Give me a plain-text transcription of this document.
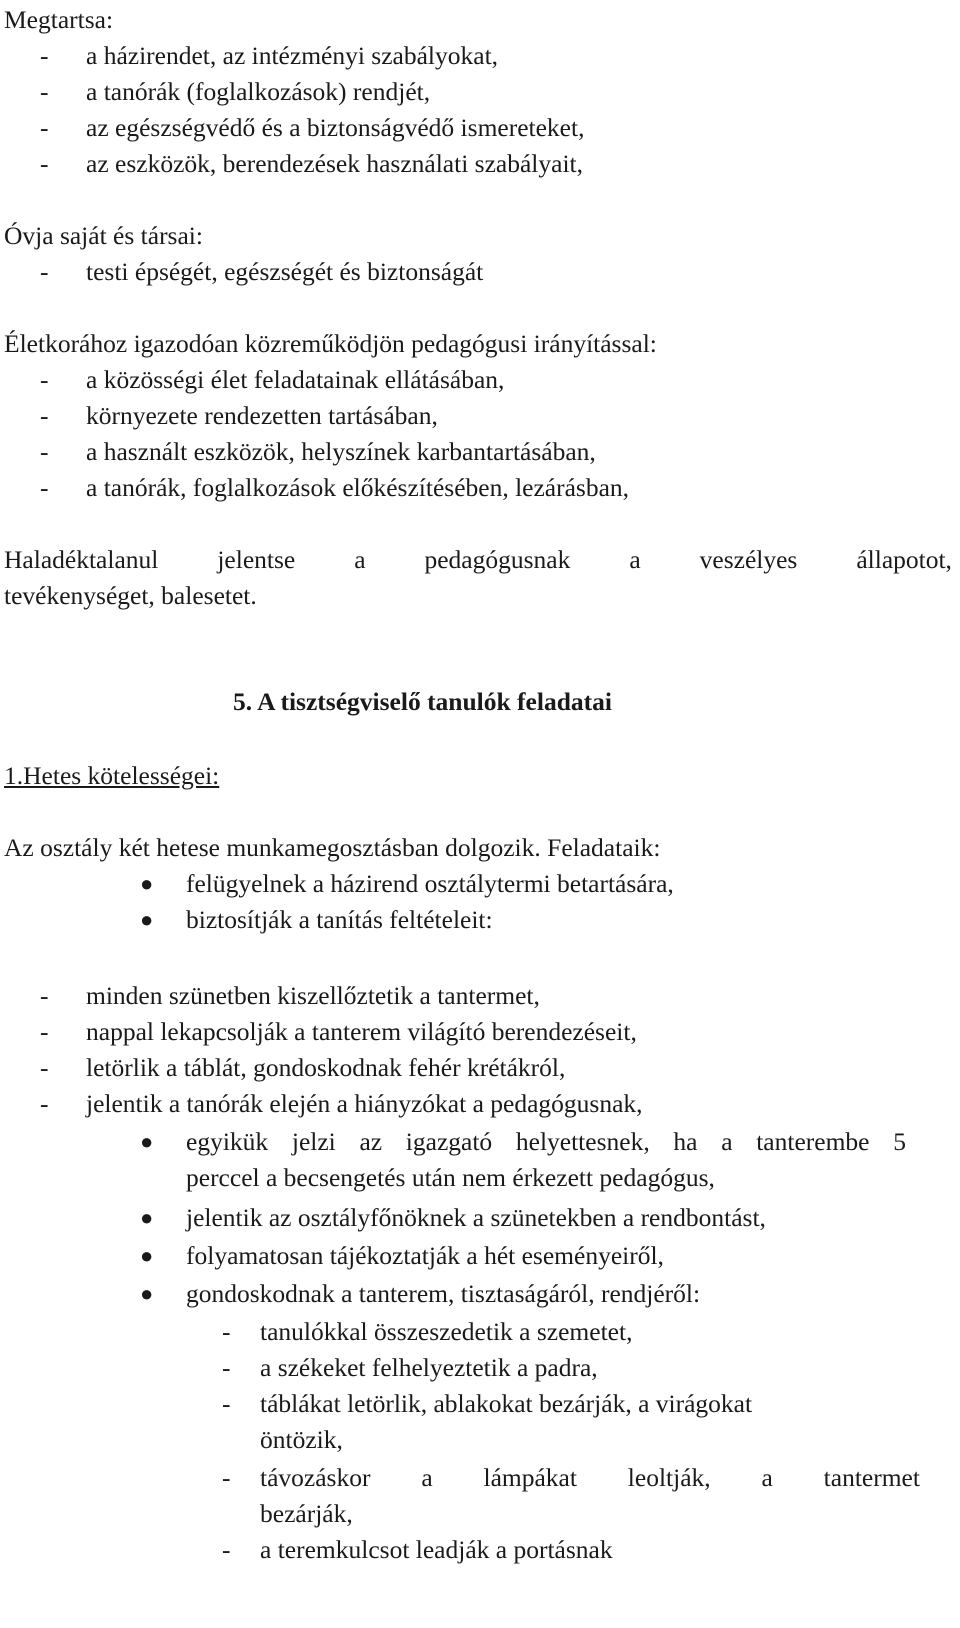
Megtartsa:
- a házirendet, az intézményi szabályokat,
- a tanórák (foglalkozások) rendjét,
- az egészségvédő és a biztonságvédő ismereteket,
- az eszközök, berendezések használati szabályait,
Óvja saját és társai:
- testi épségét, egészségét és biztonságát
Életkorához igazodóan közreműködjön pedagógusi irányítással:
- a közösségi élet feladatainak ellátásában,
- környezete rendezetten tartásában,
- a használt eszközök, helyszínek karbantartásában,
- a tanórák, foglalkozások előkészítésében, lezárásban,
Haladéktalanul jelentse a pedagógusnak a veszélyes állapotot,
tevékenységet, balesetet.
5. A tisztségviselő tanulók feladatai
1.Hetes kötelességei:
Az osztály két hetese munkamegosztásban dolgozik. Feladataik:
● felügyelnek a házirend osztálytermi betartására,
● biztosítják a tanítás feltételeit:
- minden szünetben kiszellőztetik a tantermet,
- nappal lekapcsolják a tanterem világító berendezéseit,
- letörlik a táblát, gondoskodnak fehér krétákról,
- jelentik a tanórák elején a hiányzókat a pedagógusnak,
● egyikük jelzi az igazgató helyettesnek, ha a tanterembe 5
perccel a becsengetés után nem érkezett pedagógus,
● jelentik az osztályfőnöknek a szünetekben a rendbontást,
● folyamatosan tájékoztatják a hét eseményeiről,
● gondoskodnak a tanterem, tisztaságáról, rendjéről:
- tanulókkal összeszedetik a szemetet,
- a székeket felhelyeztetik a padra,
- táblákat letörlik, ablakokat bezárják, a virágokat
öntözik,
- távozáskor a lámpákat leoltják, a tantermet
bezárják,
- a teremkulcsot leadják a portásnak
